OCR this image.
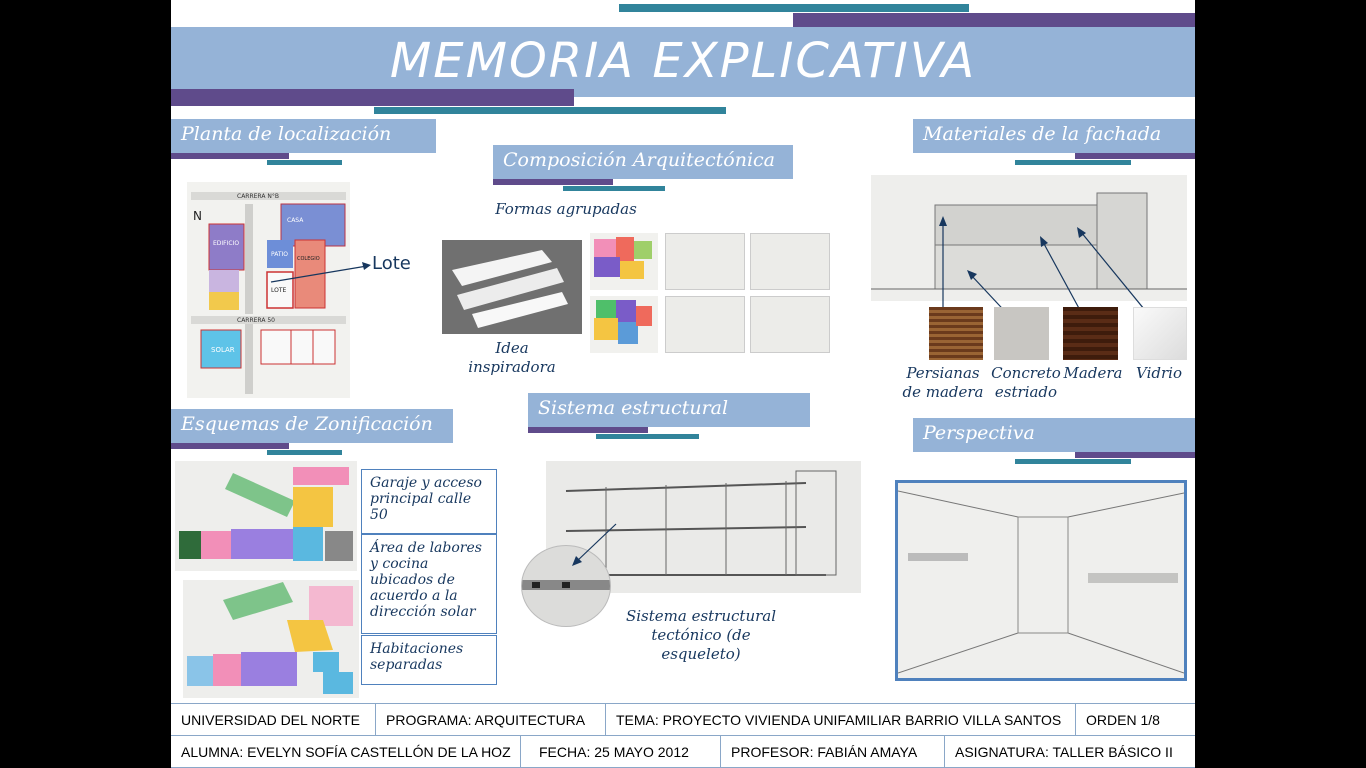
MEMORIA EXPLICATIVA
Planta de localización
CARRERA N°B
N	CASA
EDIFICIO
PATIO
COLEGIO
LOTE
CARRERA 50
SOLAR
Lote
Composición Arquitectónica
Formas agrupadas
Idea inspiradora
Materiales de la fachada
Persianas de madera
Concreto estriado
Madera Vidrio
Esquemas de Zonificación
Garaje y acceso principal calle 50
Área de labores y cocina ubicados de acuerdo a la dirección solar
Habitaciones separadas
Sistema estructural
Sistema estructural tectónico (de esqueleto)
Perspectiva
UNIVERSIDAD DEL NORTE	PROGRAMA: ARQUITECTURA	TEMA: PROYECTO VIVIENDA UNIFAMILIAR BARRIO VILLA SANTOS	ORDEN 1/8
ALUMNA: EVELYN SOFÍA CASTELLÓN DE LA HOZ	FECHA: 25 MAYO 2012	PROFESOR: FABIÁN AMAYA	ASIGNATURA: TALLER BÁSICO II
